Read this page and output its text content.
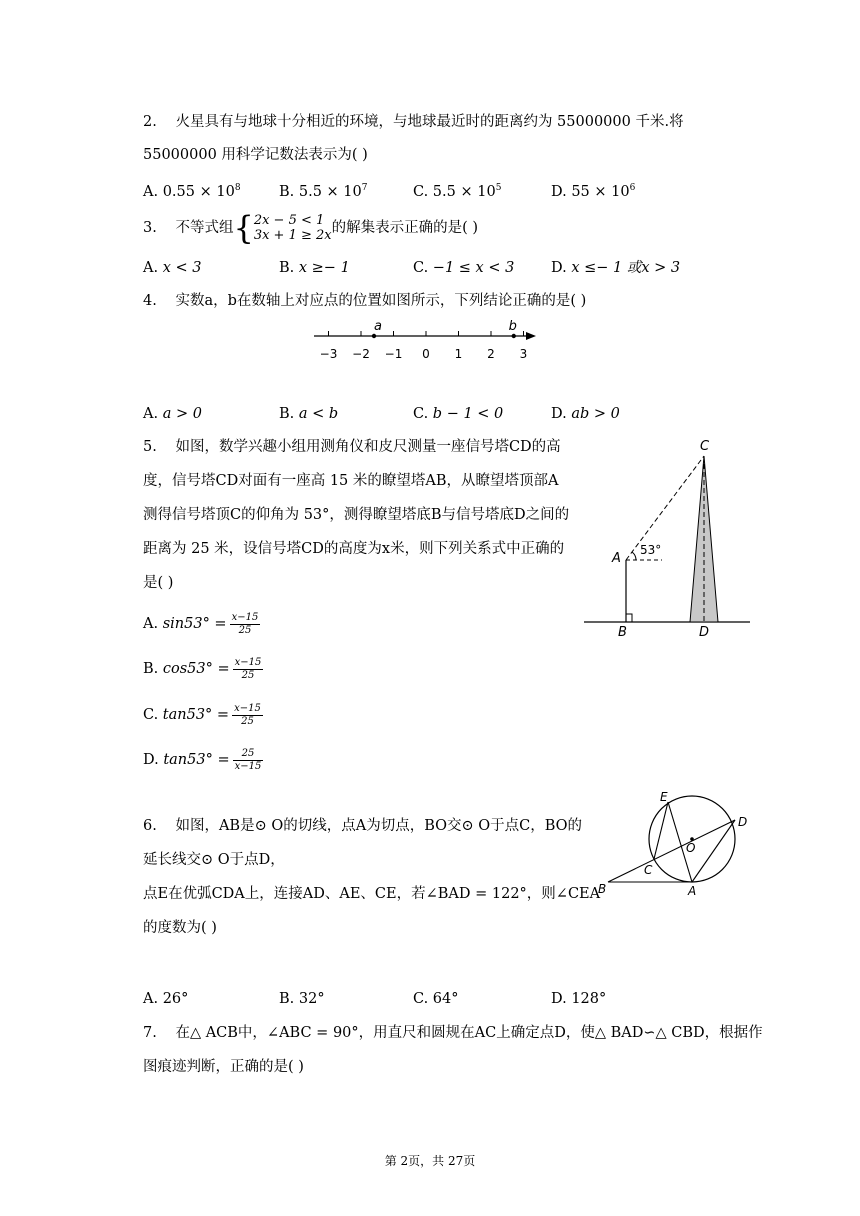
2. 火星具有与地球十分相近的环境，与地球最近时的距离约为 55000000 千米.将
55000000 用科学记数法表示为( )
A. $0.55 \times 10^8$	B. $5.5 \times 10^7$	C. $5.5 \times 10^5$	D. $55 \times 10^6$
3. 不等式组{ 2x − 5 < 1
3x + 1 ≥ 2x 的解集表示正确的是( )
A. x < 3	B. x ≥− 1	C. −1 ≤ x < 3	D. x ≤− 1 或x > 3
4. 实数a，b在数轴上对应点的位置如图所示，下列结论正确的是( )
−3 −2 −1 0 1 2 3
a	b
A. a > 0	B. a < b	C. b − 1 < 0	D. ab > 0
5. 如图，数学兴趣小组用测角仪和皮尺测量一座信号塔CD的高
度，信号塔CD对面有一座高 15 米的瞭望塔AB，从瞭望塔顶部A
测得信号塔顶C的仰角为 53°，测得瞭望塔底B与信号塔底D之间的
距离为 25 米，设信号塔CD的高度为x米，则下列关系式中正确的
是( )
A. $\sin 53^\circ = \frac{x-15}{25}$
B. $\cos 53^\circ = \frac{x-15}{25}$
C. $\tan 53^\circ = \frac{x-15}{25}$
D. $\tan 53^\circ = \frac{25}{x-15}$
C
A
53°
B	D
6. 如图，AB是⊙ O的切线，点A为切点，BO交⊙ O于点C，BO的
延长线交⊙ O于点D，
点E在优弧CDA上，连接AD、AE、CE，若∠BAD = 122°，则∠CEA
的度数为( )
E
D
O
C
B	A
A. 26°	B. 32°	C. 64°	D. 128°
7. 在△ ACB中，∠ABC = 90°，用直尺和圆规在AC上确定点D，使△ BAD∽△ CBD，根据作
图痕迹判断，正确的是( )
第 2页，共 27页
